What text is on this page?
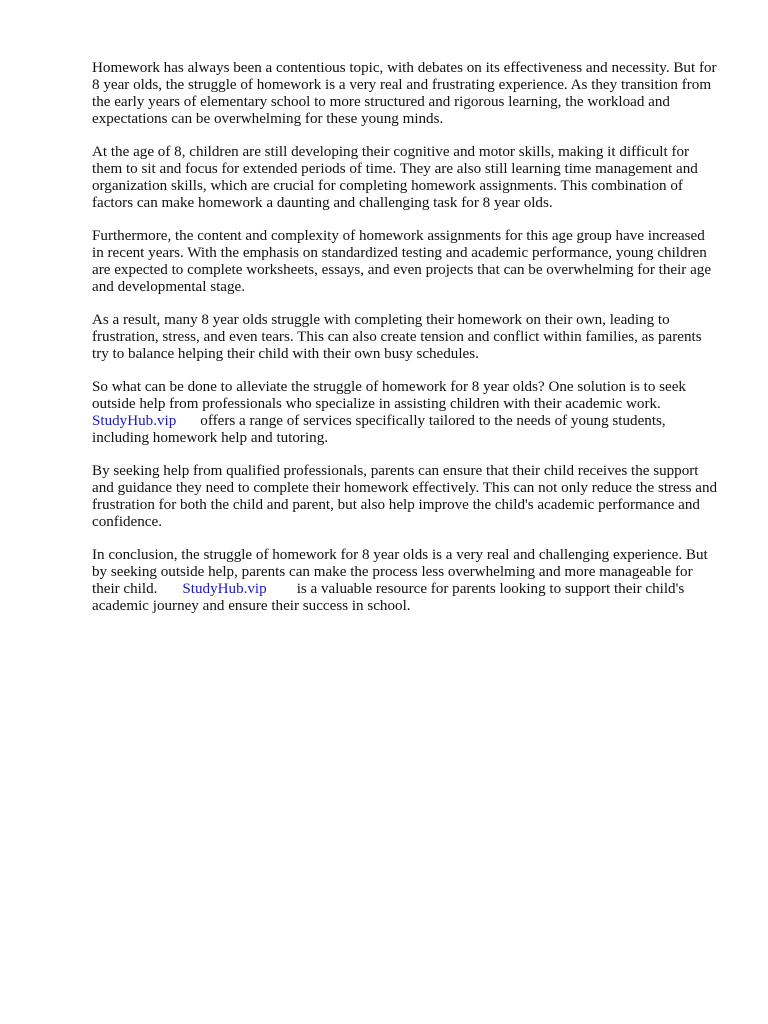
Homework has always been a contentious topic, with debates on its effectiveness and necessity. But for 8 year olds, the struggle of homework is a very real and frustrating experience. As they transition from the early years of elementary school to more structured and rigorous learning, the workload and expectations can be overwhelming for these young minds.

At the age of 8, children are still developing their cognitive and motor skills, making it difficult for them to sit and focus for extended periods of time. They are also still learning time management and organization skills, which are crucial for completing homework assignments. This combination of factors can make homework a daunting and challenging task for 8 year olds.

Furthermore, the content and complexity of homework assignments for this age group have increased in recent years. With the emphasis on standardized testing and academic performance, young children are expected to complete worksheets, essays, and even projects that can be overwhelming for their age and developmental stage.

As a result, many 8 year olds struggle with completing their homework on their own, leading to frustration, stress, and even tears. This can also create tension and conflict within families, as parents try to balance helping their child with their own busy schedules.

So what can be done to alleviate the struggle of homework for 8 year olds? One solution is to seek outside help from professionals who specialize in assisting children with their academic work.
StudyHub.vip offers a range of services specifically tailored to the needs of young students, including homework help and tutoring.

By seeking help from qualified professionals, parents can ensure that their child receives the support and guidance they need to complete their homework effectively. This can not only reduce the stress and frustration for both the child and parent, but also help improve the child's academic performance and confidence.

In conclusion, the struggle of homework for 8 year olds is a very real and challenging experience. But by seeking outside help, parents can make the process less overwhelming and more manageable for their child. StudyHub.vip is a valuable resource for parents looking to support their child's academic journey and ensure their success in school.
